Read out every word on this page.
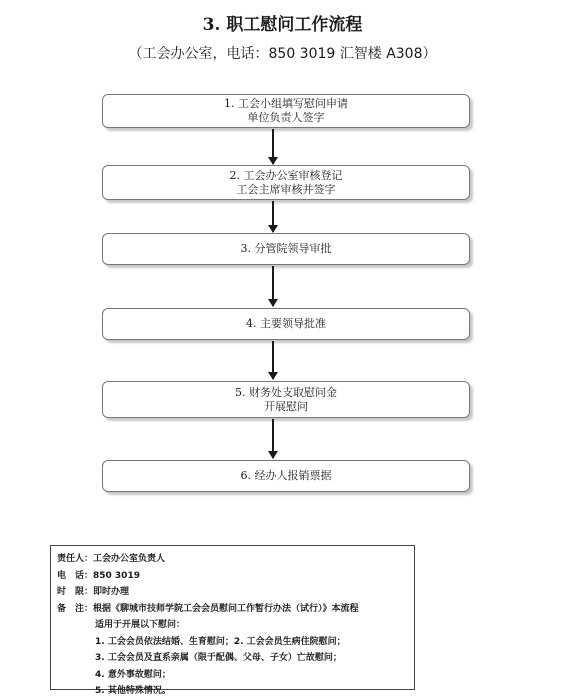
3. 职工慰问工作流程
（工会办公室，电话：850 3019 汇智楼 A308）
1. 工会小组填写慰问申请
单位负责人签字
2. 工会办公室审核登记
工会主席审核并签字
3. 分管院领导审批
4. 主要领导批准
5. 财务处支取慰问金
开展慰问
6. 经办人报销票据
责任人： 工会办公室负责人
电　话： 850 3019
时　限： 即时办理
备　注： 根据《聊城市技师学院工会会员慰问工作暂行办法（试行）》本流程
适用于开展以下慰问：
1. 工会会员依法结婚、生育慰问；2. 工会会员生病住院慰问；
3. 工会会员及直系亲属（限于配偶、父母、子女）亡故慰问；
4. 意外事故慰问；
5. 其他特殊情况。
